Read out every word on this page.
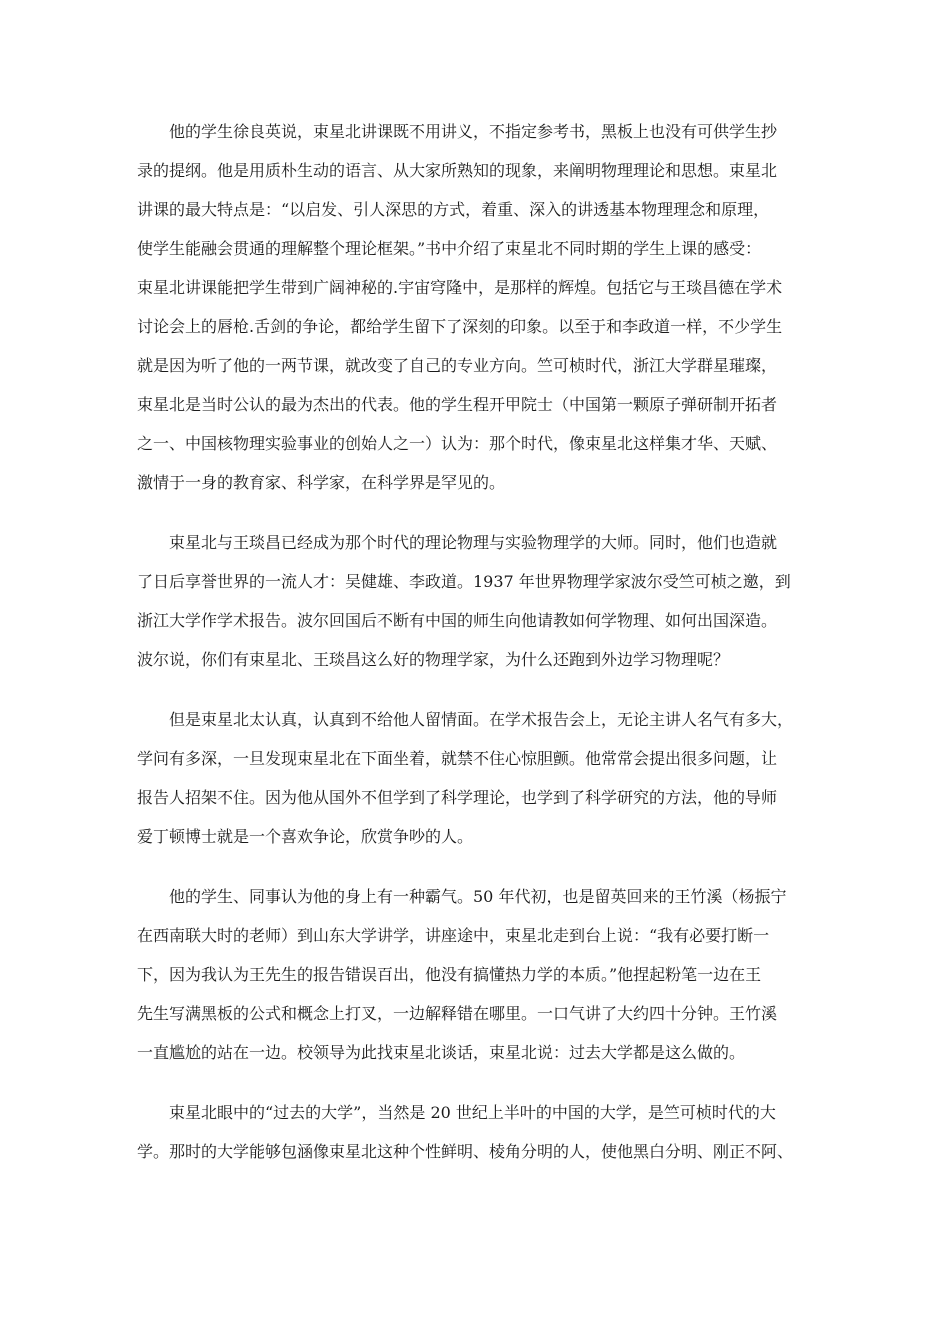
他的学生徐良英说，束星北讲课既不用讲义，不指定参考书，黑板上也没有可供学生抄
录的提纲。他是用质朴生动的语言、从大家所熟知的现象，来阐明物理理论和思想。束星北
讲课的最大特点是：“以启发、引人深思的方式，着重、深入的讲透基本物理理念和原理，
使学生能融会贯通的理解整个理论框架。”书中介绍了束星北不同时期的学生上课的感受：
束星北讲课能把学生带到广阔神秘的.宇宙穹隆中，是那样的辉煌。包括它与王琰昌德在学术
讨论会上的唇枪.舌剑的争论，都给学生留下了深刻的印象。以至于和李政道一样，不少学生
就是因为听了他的一两节课，就改变了自己的专业方向。竺可桢时代，浙江大学群星璀璨，
束星北是当时公认的最为杰出的代表。他的学生程开甲院士（中国第一颗原子弹研制开拓者
之一、中国核物理实验事业的创始人之一）认为：那个时代，像束星北这样集才华、天赋、
激情于一身的教育家、科学家，在科学界是罕见的。

束星北与王琰昌已经成为那个时代的理论物理与实验物理学的大师。同时，他们也造就
了日后享誉世界的一流人才：吴健雄、李政道。1937 年世界物理学家波尔受竺可桢之邀，到
浙江大学作学术报告。波尔回国后不断有中国的师生向他请教如何学物理、如何出国深造。
波尔说，你们有束星北、王琰昌这么好的物理学家，为什么还跑到外边学习物理呢？

但是束星北太认真，认真到不给他人留情面。在学术报告会上，无论主讲人名气有多大，
学问有多深，一旦发现束星北在下面坐着，就禁不住心惊胆颤。他常常会提出很多问题，让
报告人招架不住。因为他从国外不但学到了科学理论，也学到了科学研究的方法，他的导师
爱丁顿博士就是一个喜欢争论，欣赏争吵的人。

他的学生、同事认为他的身上有一种霸气。50 年代初，也是留英回来的王竹溪（杨振宁
在西南联大时的老师）到山东大学讲学，讲座途中，束星北走到台上说：“我有必要打断一
下，因为我认为王先生的报告错误百出，他没有搞懂热力学的本质。”他捏起粉笔一边在王
先生写满黑板的公式和概念上打叉，一边解释错在哪里。一口气讲了大约四十分钟。王竹溪
一直尴尬的站在一边。校领导为此找束星北谈话，束星北说：过去大学都是这么做的。

束星北眼中的“过去的大学”，当然是 20 世纪上半叶的中国的大学，是竺可桢时代的大
学。那时的大学能够包涵像束星北这种个性鲜明、棱角分明的人，使他黑白分明、刚正不阿、
